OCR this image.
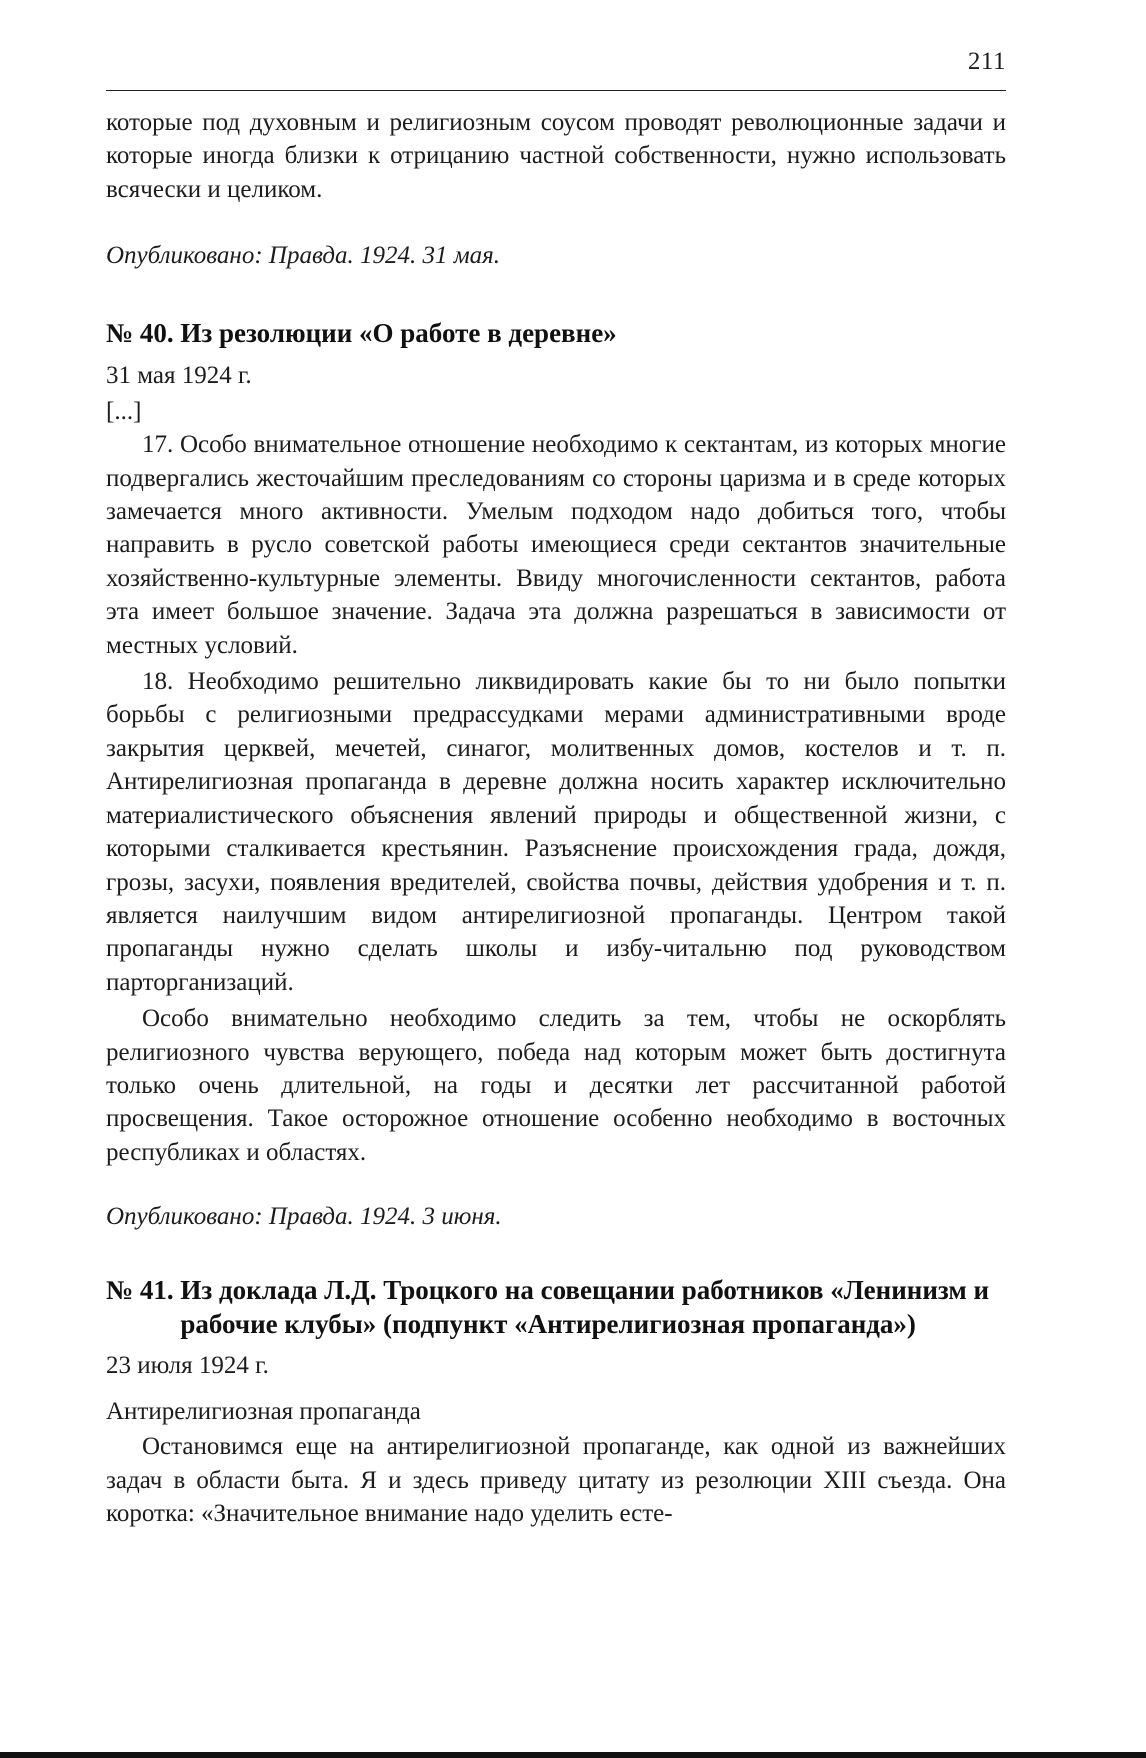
211

которые под духовным и религиозным соусом проводят революционные задачи и которые иногда близки к отрицанию частной собственности, нужно использовать всячески и целиком.

Опубликовано: Правда. 1924. 31 мая.

№ 40. Из резолюции «О работе в деревне»

31 мая 1924 г.

[...]

17. Особо внимательное отношение необходимо к сектантам, из которых многие подвергались жесточайшим преследованиям со стороны царизма и в среде которых замечается много активности. Умелым подходом надо добиться того, чтобы направить в русло советской работы имеющиеся среди сектантов значительные хозяйственно-культурные элементы. Ввиду многочисленности сектантов, работа эта имеет большое значение. Задача эта должна разрешаться в зависимости от местных условий.

18. Необходимо решительно ликвидировать какие бы то ни было попытки борьбы с религиозными предрассудками мерами административными вроде закрытия церквей, мечетей, синагог, молитвенных домов, костелов и т. п. Антирелигиозная пропаганда в деревне должна носить характер исключительно материалистического объяснения явлений природы и общественной жизни, с которыми сталкивается крестьянин. Разъяснение происхождения града, дождя, грозы, засухи, появления вредителей, свойства почвы, действия удобрения и т. п. является наилучшим видом антирелигиозной пропаганды. Центром такой пропаганды нужно сделать школы и избу-читальню под руководством парторганизаций.

Особо внимательно необходимо следить за тем, чтобы не оскорблять религиозного чувства верующего, победа над которым может быть достигнута только очень длительной, на годы и десятки лет рассчитанной работой просвещения. Такое осторожное отношение особенно необходимо в восточных республиках и областях.

Опубликовано: Правда. 1924. 3 июня.

№ 41. Из доклада Л.Д. Троцкого на совещании работников «Ленинизм и рабочие клубы» (подпункт «Антирелигиозная пропаганда»)

23 июля 1924 г.

Антирелигиозная пропаганда

Остановимся еще на антирелигиозной пропаганде, как одной из важнейших задач в области быта. Я и здесь приведу цитату из резолюции XIII съезда. Она коротка: «Значительное внимание надо уделить есте-
